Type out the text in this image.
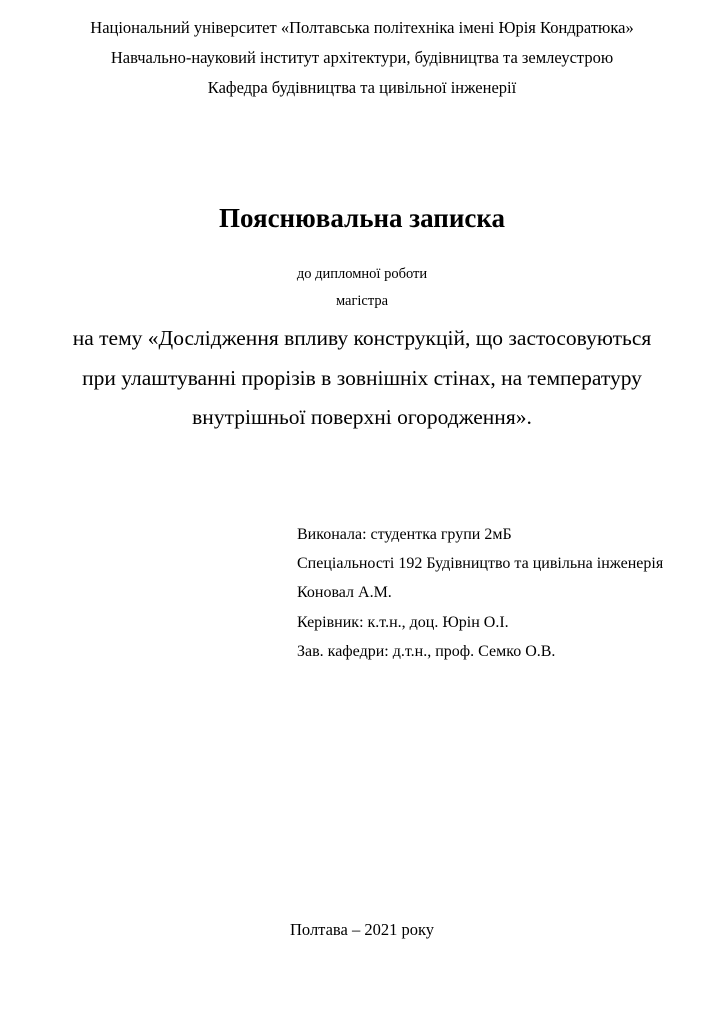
Національний університет «Полтавська політехніка імені Юрія Кондратюка»
Навчально-науковий інститут архітектури, будівництва та землеустрою
Кафедра будівництва та цивільної інженерії
Пояснювальна записка
до дипломної роботи
магістра
на тему «Дослідження впливу конструкцій, що застосовуються
при улаштуванні прорізів в зовнішніх стінах, на температуру
внутрішньої поверхні огородження».
Виконала: студентка групи 2мБ
Спеціальності 192 Будівництво та цивільна інженерія
Коновал А.М.
Керівник: к.т.н., доц. Юрін О.І.
Зав. кафедри: д.т.н., проф. Семко О.В.
Полтава – 2021 року
